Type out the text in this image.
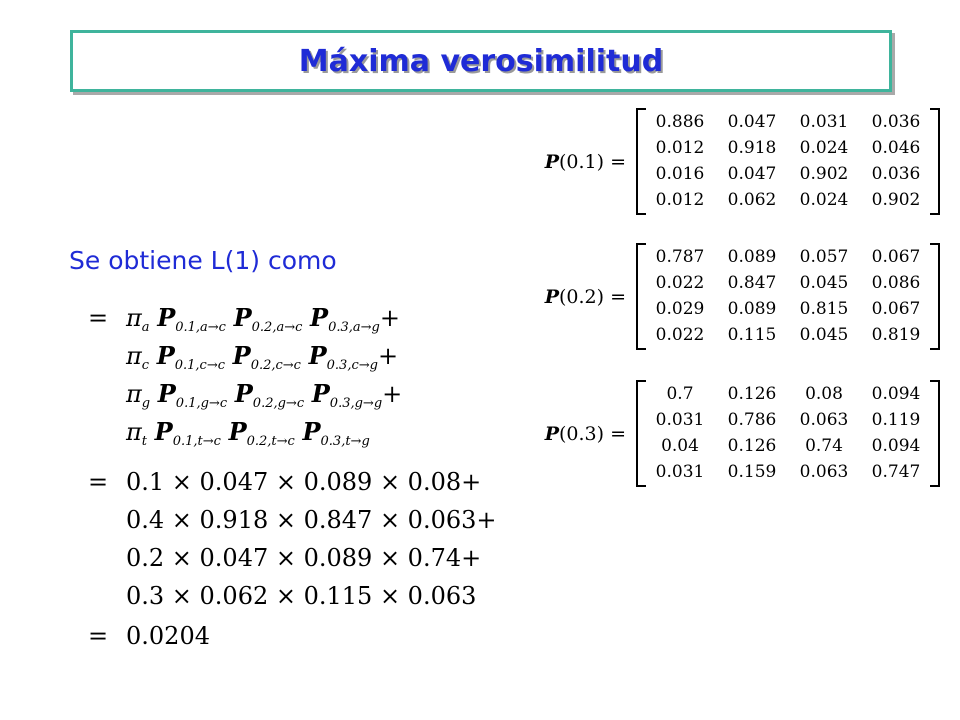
Máxima verosimilitud
Se obtiene L(1) como
= $\pi_a$ $P_{0.1,a\to c}$ $P_{0.2,a\to c}$ $P_{0.3,a\to g}+$
$\pi_c$ $P_{0.1,c\to c}$ $P_{0.2,c\to c}$ $P_{0.3,c\to g}+$
$\pi_g$ $P_{0.1,g\to c}$ $P_{0.2,g\to c}$ $P_{0.3,g\to g}+$
$\pi_t$ $P_{0.1,t\to c}$ $P_{0.2,t\to c}$ $P_{0.3,t\to g}$
= 0.1 × 0.047 × 0.089 × 0.08+
0.4 × 0.918 × 0.847 × 0.063+
0.2 × 0.047 × 0.089 × 0.74+
0.3 × 0.062 × 0.115 × 0.063
= 0.0204
P(0.1) =
0.886	0.047	0.031	0.036
0.012	0.918	0.024	0.046
0.016	0.047	0.902	0.036
0.012	0.062	0.024	0.902
P(0.2) =
0.787	0.089	0.057	0.067
0.022	0.847	0.045	0.086
0.029	0.089	0.815	0.067
0.022	0.115	0.045	0.819
P(0.3) =
0.7	0.126	0.08	0.094
0.031	0.786	0.063	0.119
0.04	0.126	0.74	0.094
0.031	0.159	0.063	0.747
